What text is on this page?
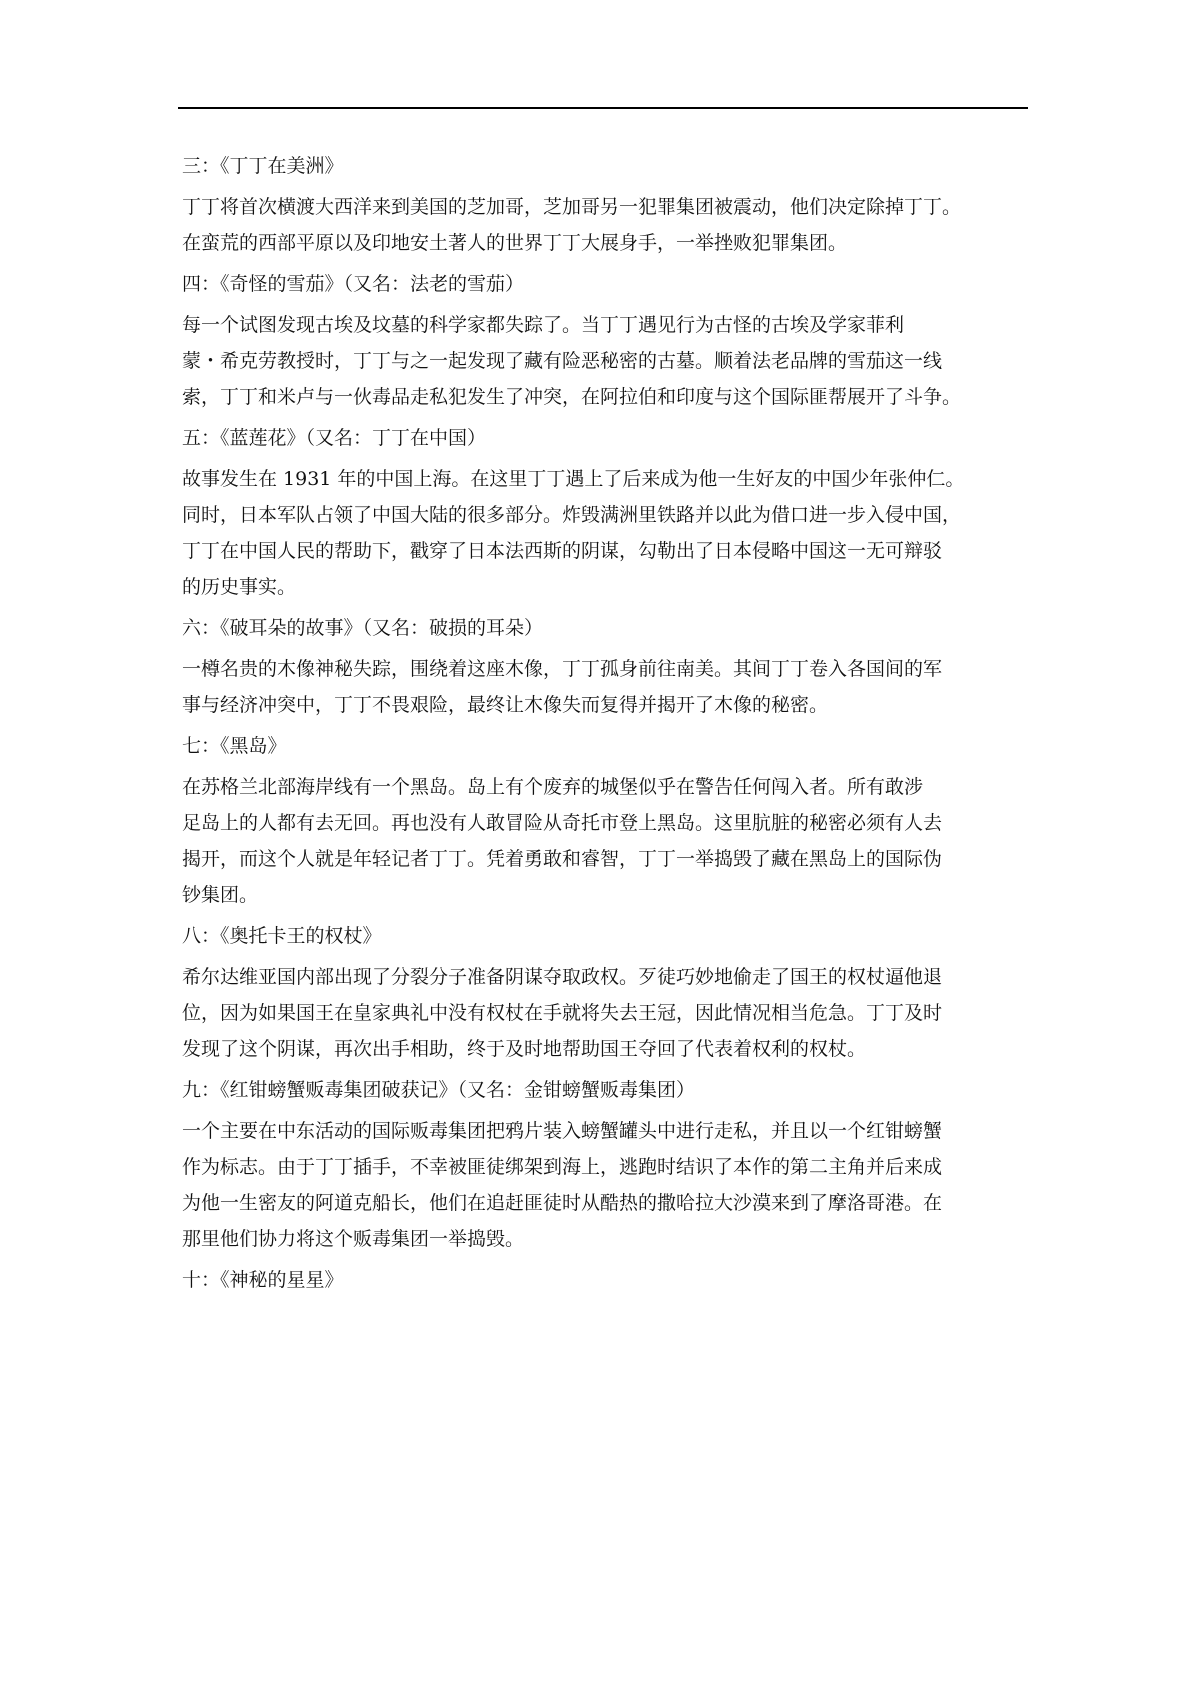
三：《丁丁在美洲》

丁丁将首次横渡大西洋来到美国的芝加哥，芝加哥另一犯罪集团被震动，他们决定除掉丁丁。

在蛮荒的西部平原以及印地安土著人的世界丁丁大展身手，一举挫败犯罪集团。

四：《奇怪的雪茄》（又名：法老的雪茄）

每一个试图发现古埃及坟墓的科学家都失踪了。当丁丁遇见行为古怪的古埃及学家菲利

蒙・希克劳教授时，丁丁与之一起发现了藏有险恶秘密的古墓。顺着法老品牌的雪茄这一线

索，丁丁和米卢与一伙毒品走私犯发生了冲突，在阿拉伯和印度与这个国际匪帮展开了斗争。

五：《蓝莲花》（又名：丁丁在中国）

故事发生在 1931 年的中国上海。在这里丁丁遇上了后来成为他一生好友的中国少年张仲仁。

同时，日本军队占领了中国大陆的很多部分。炸毁满洲里铁路并以此为借口进一步入侵中国，

丁丁在中国人民的帮助下，戳穿了日本法西斯的阴谋，勾勒出了日本侵略中国这一无可辩驳

的历史事实。

六：《破耳朵的故事》（又名：破损的耳朵）

一樽名贵的木像神秘失踪，围绕着这座木像，丁丁孤身前往南美。其间丁丁卷入各国间的军

事与经济冲突中，丁丁不畏艰险，最终让木像失而复得并揭开了木像的秘密。

七：《黑岛》

在苏格兰北部海岸线有一个黑岛。岛上有个废弃的城堡似乎在警告任何闯入者。所有敢涉

足岛上的人都有去无回。再也没有人敢冒险从奇托市登上黑岛。这里肮脏的秘密必须有人去

揭开，而这个人就是年轻记者丁丁。凭着勇敢和睿智，丁丁一举捣毁了藏在黑岛上的国际伪

钞集团。

八：《奥托卡王的权杖》

希尔达维亚国内部出现了分裂分子准备阴谋夺取政权。歹徒巧妙地偷走了国王的权杖逼他退

位，因为如果国王在皇家典礼中没有权杖在手就将失去王冠，因此情况相当危急。丁丁及时

发现了这个阴谋，再次出手相助，终于及时地帮助国王夺回了代表着权利的权杖。

九：《红钳螃蟹贩毒集团破获记》（又名：金钳螃蟹贩毒集团）

一个主要在中东活动的国际贩毒集团把鸦片装入螃蟹罐头中进行走私，并且以一个红钳螃蟹

作为标志。由于丁丁插手，不幸被匪徒绑架到海上，逃跑时结识了本作的第二主角并后来成

为他一生密友的阿道克船长，他们在追赶匪徒时从酷热的撒哈拉大沙漠来到了摩洛哥港。在

那里他们协力将这个贩毒集团一举捣毁。

十：《神秘的星星》
